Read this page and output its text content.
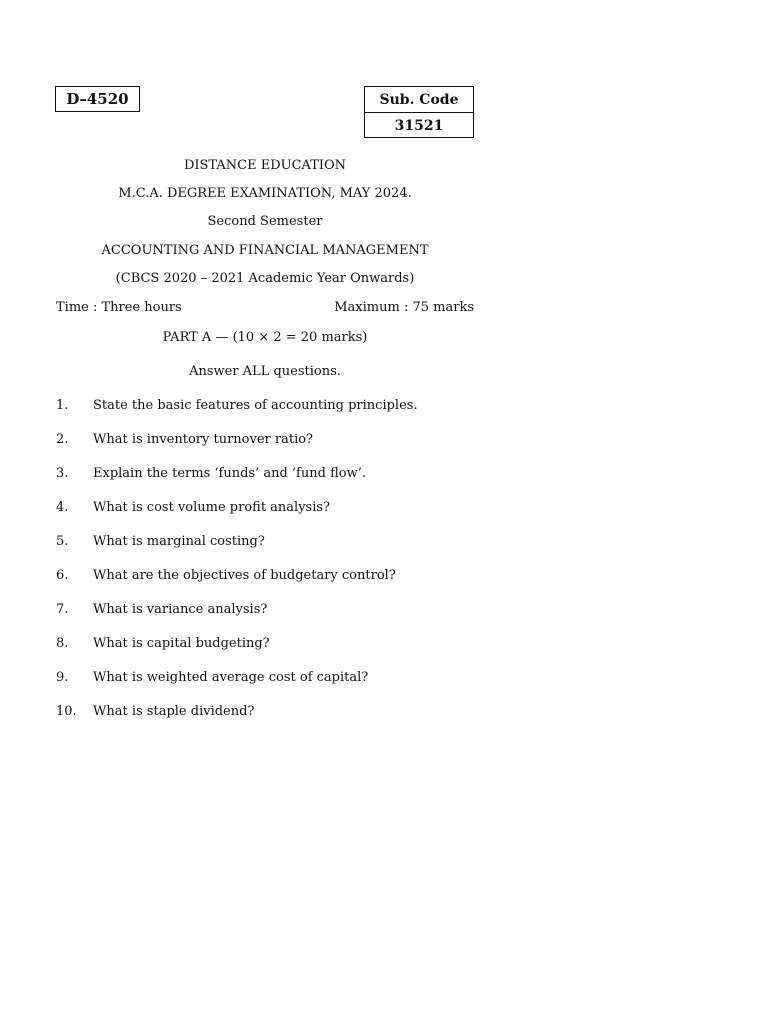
D–4520	Sub. Code
31521
DISTANCE EDUCATION
M.C.A. DEGREE EXAMINATION, MAY 2024.
Second Semester
ACCOUNTING AND FINANCIAL MANAGEMENT
(CBCS 2020 – 2021 Academic Year Onwards)
Time : Three hours	Maximum : 75 marks
PART A — (10 × 2 = 20 marks)
Answer ALL questions.
1.	State the basic features of accounting principles.
2.	What is inventory turnover ratio?
3.	Explain the terms ‘funds’ and ‘fund flow’.
4.	What is cost volume profit analysis?
5.	What is marginal costing?
6.	What are the objectives of budgetary control?
7.	What is variance analysis?
8.	What is capital budgeting?
9.	What is weighted average cost of capital?
10.	What is staple dividend?
